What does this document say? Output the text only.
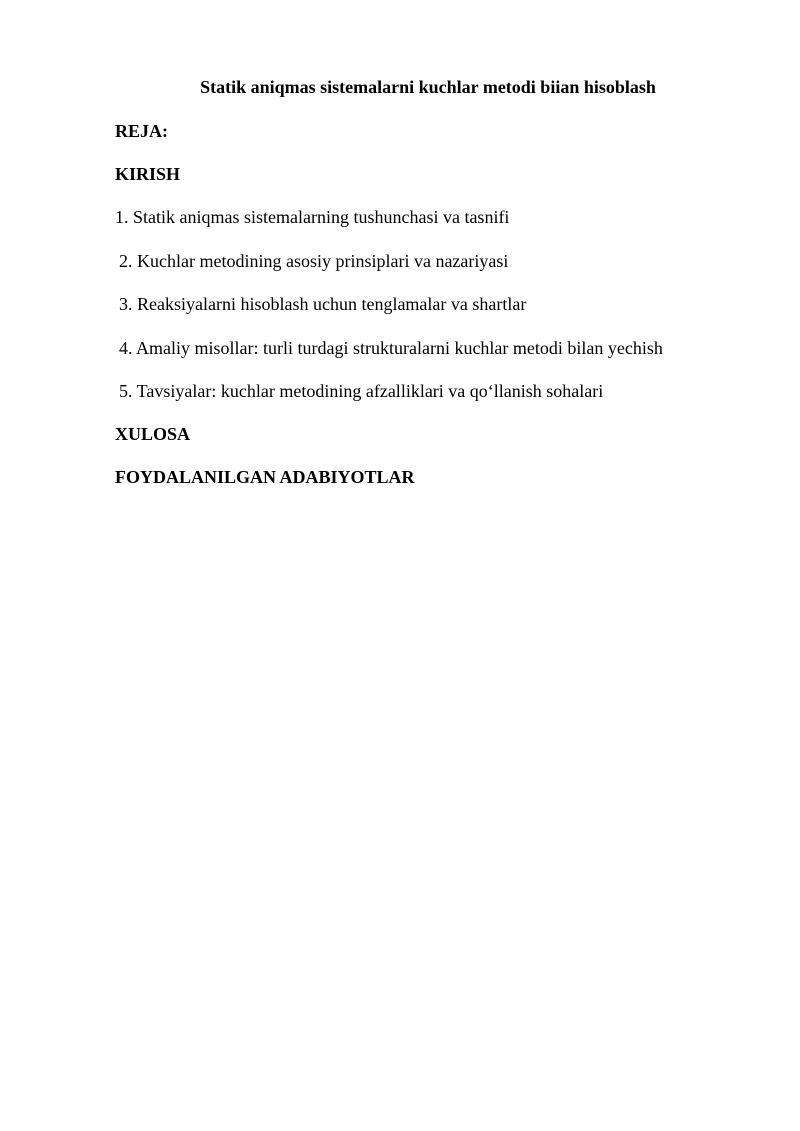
Statik aniqmas sistemalarni kuchlar metodi biian hisoblash

REJA:

KIRISH

1. Statik aniqmas sistemalarning tushunchasi va tasnifi

2. Kuchlar metodining asosiy prinsiplari va nazariyasi

3. Reaksiyalarni hisoblash uchun tenglamalar va shartlar

4. Amaliy misollar: turli turdagi strukturalarni kuchlar metodi bilan yechish

5. Tavsiyalar: kuchlar metodining afzalliklari va qo‘llanish sohalari

XULOSA

FOYDALANILGAN ADABIYOTLAR
